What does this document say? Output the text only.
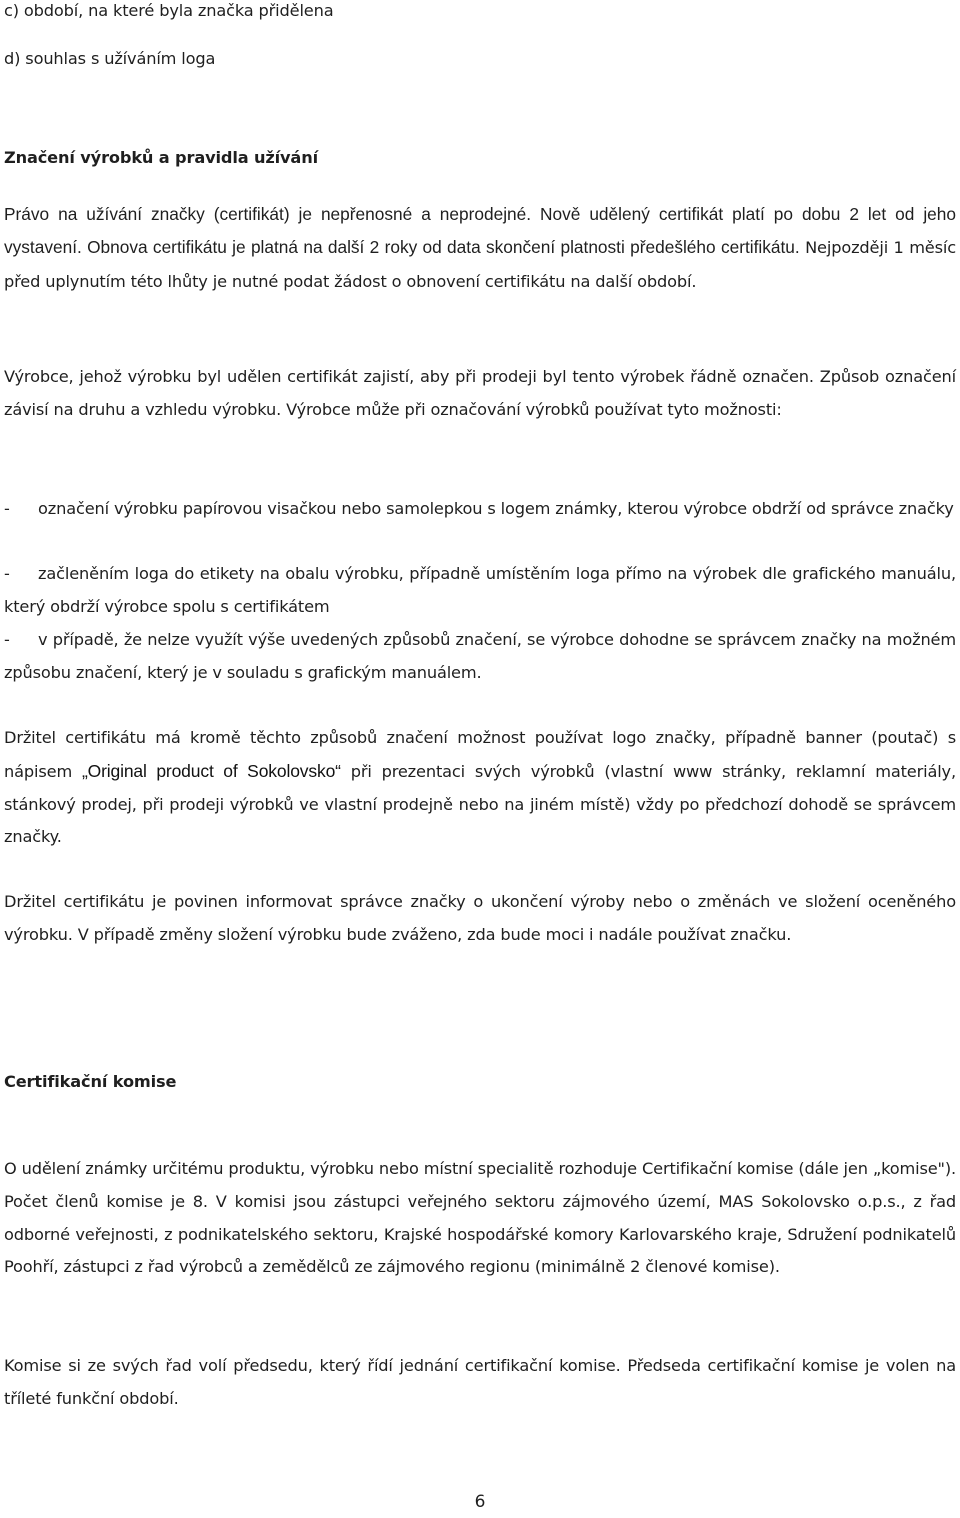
c) období, na které byla značka přidělena

d) souhlas s užíváním loga

Značení výrobků a pravidla užívání

Právo na užívání značky (certifikát) je nepřenosné a neprodejné. Nově udělený certifikát platí po dobu 2 let od jeho vystavení. Obnova certifikátu je platná na další 2 roky od data skončení platnosti předešlého certifikátu. Nejpozději 1 měsíc před uplynutím této lhůty je nutné podat žádost o obnovení certifikátu na další období.

Výrobce, jehož výrobku byl udělen certifikát zajistí, aby při prodeji byl tento výrobek řádně označen. Způsob označení závisí na druhu a vzhledu výrobku. Výrobce může při označování výrobků používat tyto možnosti:

- označení výrobku papírovou visačkou nebo samolepkou s logem známky, kterou výrobce obdrží od správce značky

- začleněním loga do etikety na obalu výrobku, případně umístěním loga přímo na výrobek dle grafického manuálu, který obdrží výrobce spolu s certifikátem

- v případě, že nelze využít výše uvedených způsobů značení, se výrobce dohodne se správcem značky na možném způsobu značení, který je v souladu s grafickým manuálem.

Držitel certifikátu má kromě těchto způsobů značení možnost používat logo značky, případně banner (poutač) s nápisem „Original product of Sokolovsko“ při prezentaci svých výrobků (vlastní www stránky, reklamní materiály, stánkový prodej, při prodeji výrobků ve vlastní prodejně nebo na jiném místě) vždy po předchozí dohodě se správcem značky.

Držitel certifikátu je povinen informovat správce značky o ukončení výroby nebo o změnách ve složení oceněného výrobku. V případě změny složení výrobku bude zváženo, zda bude moci i nadále používat značku.

Certifikační komise

O udělení známky určitému produktu, výrobku nebo místní specialitě rozhoduje Certifikační komise (dále jen „komise"). Počet členů komise je 8. V komisi jsou zástupci veřejného sektoru zájmového území, MAS Sokolovsko o.p.s., z řad odborné veřejnosti, z podnikatelského sektoru, Krajské hospodářské komory Karlovarského kraje, Sdružení podnikatelů Poohří, zástupci z řad výrobců a zemědělců ze zájmového regionu (minimálně 2 členové komise).

Komise si ze svých řad volí předsedu, který řídí jednání certifikační komise. Předseda certifikační komise je volen na tříleté funkční období.

6
